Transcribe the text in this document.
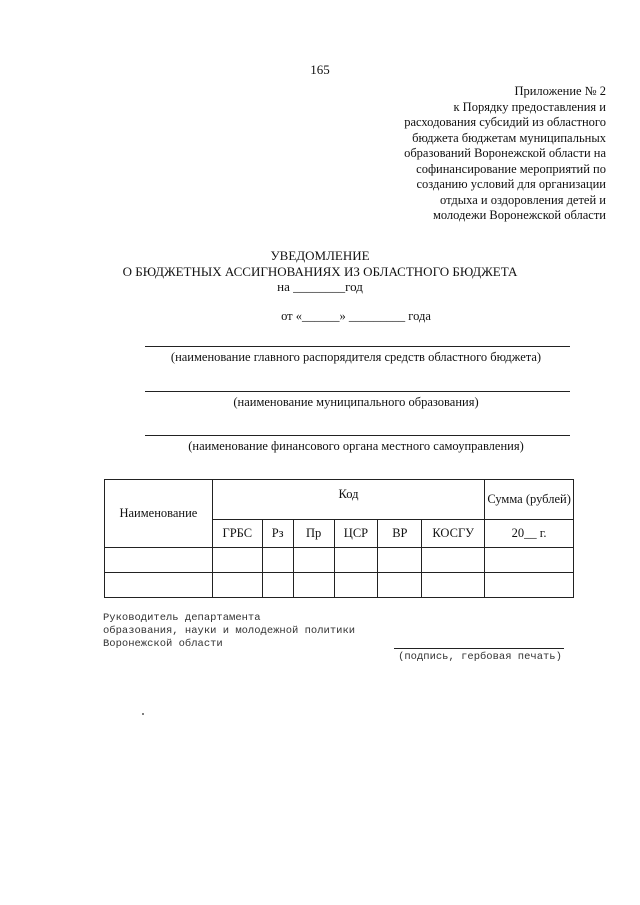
165
Приложение № 2
к Порядку предоставления и
расходования субсидий из областного
бюджета бюджетам муниципальных
образований Воронежской области на
софинансирование мероприятий по
созданию условий для организации
отдыха и оздоровления детей и
молодежи Воронежской области
УВЕДОМЛЕНИЕ
О БЮДЖЕТНЫХ АССИГНОВАНИЯХ ИЗ ОБЛАСТНОГО БЮДЖЕТА
на ________год
от «______» _________ года
(наименование главного распорядителя средств областного бюджета)
(наименование муниципального образования)
(наименование финансового органа местного самоуправления)
Наименование	Код						Сумма (рублей)
	ГРБС	Рз	Пр	ЦСР	ВР	КОСГУ	20__ г.

Руководитель департамента
образования, науки и молодежной политики
Воронежской области
(подпись, гербовая печать)
